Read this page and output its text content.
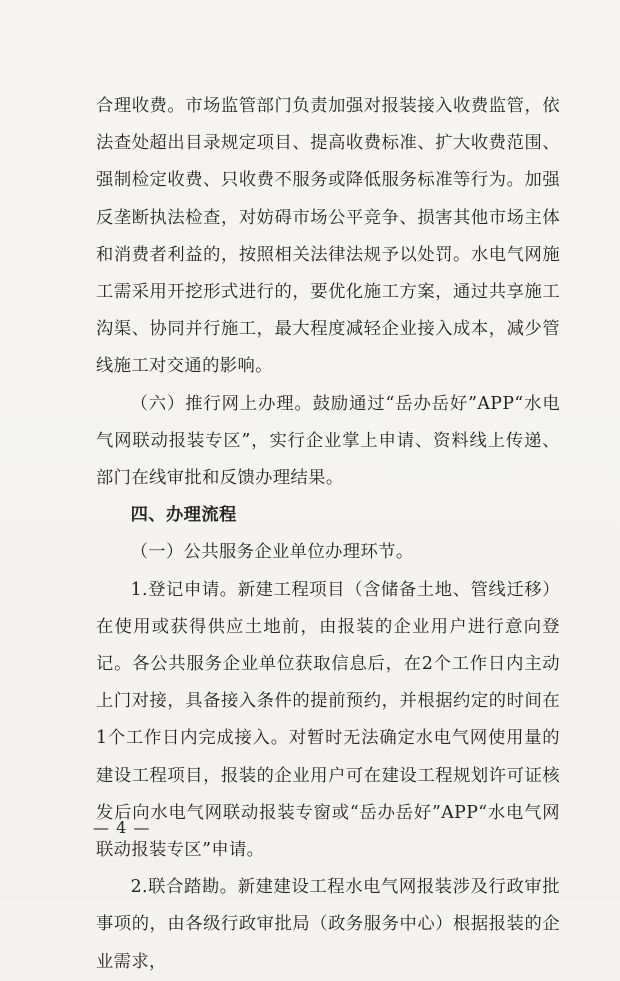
合理收费。市场监管部门负责加强对报装接入收费监管，依法查处超出目录规定项目、提高收费标准、扩大收费范围、强制检定收费、只收费不服务或降低服务标准等行为。加强反垄断执法检查，对妨碍市场公平竞争、损害其他市场主体和消费者利益的，按照相关法律法规予以处罚。水电气网施工需采用开挖形式进行的，要优化施工方案，通过共享施工沟渠、协同并行施工，最大程度减轻企业接入成本，减少管线施工对交通的影响。

（六）推行网上办理。鼓励通过“岳办岳好”APP“水电气网联动报装专区”，实行企业掌上申请、资料线上传递、部门在线审批和反馈办理结果。

四、办理流程

（一）公共服务企业单位办理环节。

1.登记申请。新建工程项目（含储备土地、管线迁移）在使用或获得供应土地前，由报装的企业用户进行意向登记。各公共服务企业单位获取信息后，在2个工作日内主动上门对接，具备接入条件的提前预约，并根据约定的时间在1个工作日内完成接入。对暂时无法确定水电气网使用量的建设工程项目，报装的企业用户可在建设工程规划许可证核发后向水电气网联动报装专窗或“岳办岳好”APP“水电气网联动报装专区”申请。

2.联合踏勘。新建建设工程水电气网报装涉及行政审批事项的，由各级行政审批局（政务服务中心）根据报装的企业需求，

— 4 —
